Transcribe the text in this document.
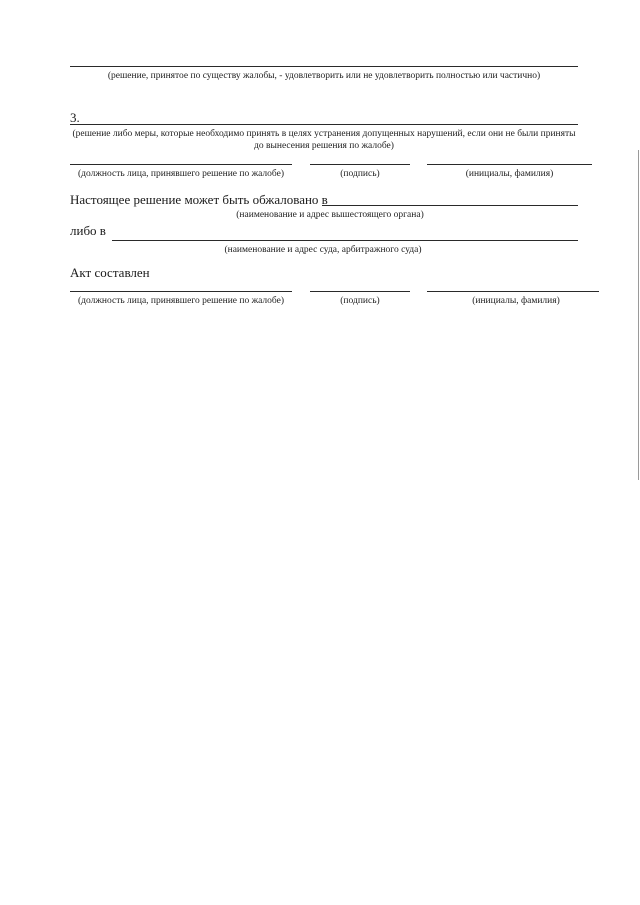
(решение, принятое по существу жалобы, - удовлетворить или не удовлетворить полностью или частично)
3.
(решение либо меры, которые необходимо принять в целях устранения допущенных нарушений, если они не были приняты до вынесения решения по жалобе)
(должность лица, принявшего решение по жалобе)	(подпись)	(инициалы, фамилия)
Настоящее решение может быть обжаловано в
(наименование и адрес вышестоящего органа)
либо в
(наименование и адрес суда, арбитражного суда)
Акт составлен
(должность лица, принявшего решение по жалобе)	(подпись)	(инициалы, фамилия)
